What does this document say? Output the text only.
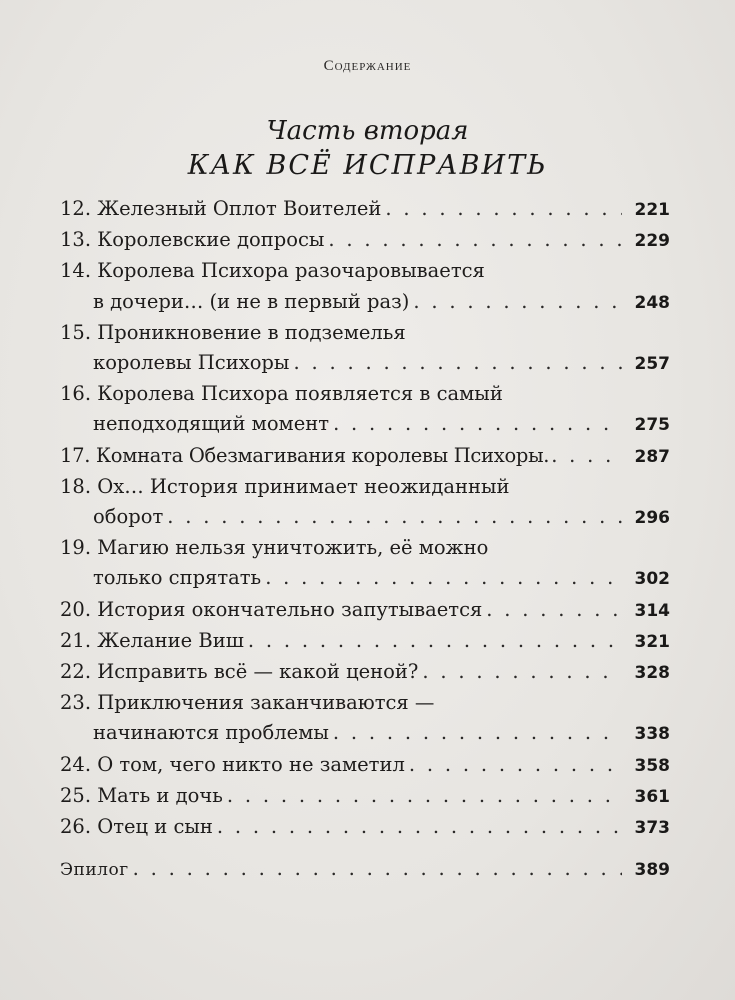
Содержание
Часть вторая
КАК ВСЁ ИСПРАВИТЬ
12. Железный Оплот Воителей . . .	221
13. Королевские допросы . . .	229
14. Королева Психора разочаровывается
в дочери… (и не в первый раз) . . .	248
15. Проникновение в подземелья
королевы Психоры . . .	257
16. Королева Психора появляется в самый
неподходящий момент . . .	275
17. Комната Обезмагивания королевы Психоры. . . .	287
18. Ох… История принимает неожиданный
оборот . . .	296
19. Магию нельзя уничтожить, её можно
только спрятать . . .	302
20. История окончательно запутывается . . .	314
21. Желание Виш . . .	321
22. Исправить всё — какой ценой? . . .	328
23. Приключения заканчиваются —
начинаются проблемы . . .	338
24. О том, чего никто не заметил . . .	358
25. Мать и дочь . . .	361
26. Отец и сын . . .	373
Эпилог . . .	389
